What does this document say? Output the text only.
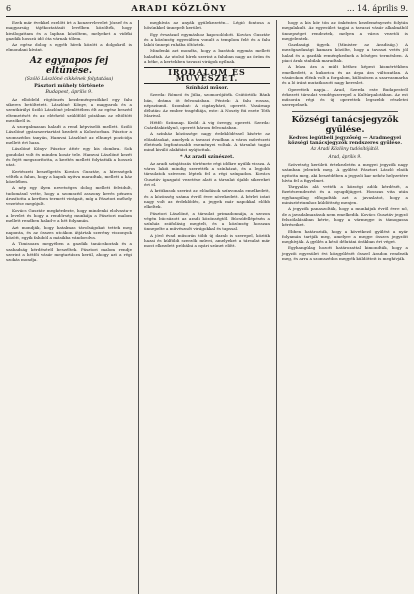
6	ARADI KÖZLÖNY	... 14. április 9.

Ezek már évekkel ezelőtt írt a konzervlevelet József és a magyarság tájékoztatását levélben közölték, hogy kiválogattam és a lapban közöltem, melyeket a vidéki gazdák hosszú idő óta várnak tőlem.

Az egész dolog s egyéb hírek között a dolgokról is elmondani kívánt.

Az egynapos fej eltűnése.
(Szóló Lászlóné cikkének folytatása)
Pásztori mühely története
Budapest, április 9.

Az elbődeld rögtönzés kezdeményezőkkel egy falu sikeres betöltetett. Lászlóné Kőnyv, a magyarok és a szentkirályi Szóló Lászlóné jelenlétében élt az egész beszéd eltemetését és az elérhető szülőföld pózában az eltöltött mezőkről is.

A szorgalmasan haladt a rend képviselői mellett. Szóló Lászlóné gyászszertartást kezdett a Kolostorban. Pásztor a szomszédos tanyán, Hamvai Lászlóné az elhunyt pozíciója mellett ért haza.

Lászlóné Kőnyv Pásztor áttér egy kis dombra. Sok gondolat volt és minden kosár tele. Hamvai Lászlóné kezét és fejét megszorította, a kerítés mellett folytatták a hosszú utat.

Kertészeti beszélgetés Kovács Gusztáv, a hírességek vélték a falun, hogy a kapuk nyitva maradtak, mellett a ház közelében.

A nép egy ilyen nevetséges dolog mellett felvidult, tudomásul vette, hogy a szomszéd asszony kevés pénzen árusította a kertben termett virágait, míg a Pásztori méhely vezetése megújult.

Kovács Gusztáv megkérdezte, hogy mindenki elolvasta-e a levelet és hogy a rendőrség munkája a Pásztori malom mellett rendben halad-e a hét folyamán.

Azt mondják, hogy hatalmas távolságokat tettek meg naponta, és az összes utcákon átjártak szerény viszonyok között, egyik faluból a másikba vándorolva.

A Timisoara megyében a gazdák tanácskoztak és a szabadság kérdéséről beszéltek. Pásztori malom rendje szerint a hétfői vásár megtartásra kerül, ahogy azt a régi szokás mondja.

meghívás az anyák gyülekezetén... Légió fontosa a hősünkkel ünnepelt kerület.

Egy évszázad egymáshoz kapcsolódott. Kovács Gusztáv és a közönség egyesülten vonult a templom felé és a falu lakói ünnepi ruhába öltöztek.

Mindenki azt mondta, hogy a barátok egymás mellett haladtak. Az utolsó hírek szerint a faluban nagy az öröm és a béke, a kertekben tavaszi virágok nyílnak.

IRODALOM ÉS MŰVÉSZET.
Színházi műsor.

Szerda: Rómeó és Júlia, szomorújáték. Csütörtök: Bánk bán, dráma öt felvonásban. Péntek: A falu rossza, népszínmű. Szombat: A cigánybáró, operett. Vasárnap délután: Az ember tragédiája, este: A Noszty fiú esete Tóth Marival.

Hétfő: Szünnap. Kedd: A vig özvegy, operett. Szerda: Csárdáskirálynő, operett három felvonásban.

A színház közönsége nagy érdeklődéssel kísérte az előadásokat, amelyek a tavaszi évadban a város művészeti életének legfontosabb eseményei voltak. A társulat tagjai mind kiváló alakítást nyújtottak.

* Az aradi színészet.

Az aradi színjátszás története régi időkre nyúlik vissza. A város lakói mindig szerették a színházat, és a legjobb társulatok szívesen léptek fel a régi színpadon. Kovács Gusztáv igazgató vezetése alatt a társulat újabb sikereket ért el.

A kritikusok szerint az előadások színvonala emelkedett, és a közönség száma évről évre növekedett. A bérlet iránt nagy volt az érdeklődés, a jegyek már napokkal előbb elkeltek.

Pásztori Lászlóné, a társulat primadonnája, a szezon végén búcsúzott az aradi közönségtől. Búcsúfellépésén a színház zsúfolásig megtelt, és a közönség hosszan ünnepelte a művésznőt virágokkal és tapssal.

A jövő évad műsorán több új darab is szerepel, köztük hazai és külföldi szerzők művei, amelyeket a társulat már most elkezdett próbálni a nyári szünet előtt.

hogy a kis kör tón az önkéntes kezdeményezés folytán megalakult. Az egyesület tagjai a tavaszi vásár alkalmából ünnepséget rendeztek, melyen a város vezetői is megjelentek.

Gazdasági ügyek. (Minister az Aradiság.) A mezőgazdasági kamara közölte, hogy a tavaszi vetés jól halad és a gazdák reménykednek a bőséges termésben. A piaci árak stabilak maradtak.

A búza ára a múlt héthez képest kismértékben emelkedett, a kukorica és az árpa ára változatlan. A vásárokon élénk volt a forgalom, különösen a szarvasmarha és a ló iránt mutatkozott nagy kereslet.

Operettek napja... Arad, Szerda este Budapestről érkezett társulat vendégszerepel a Kultúrpalotában. Az est műsorán régi és új operettek legszebb részletei szerepelnek.

Községi tanácsjegyzők gyűlése.
Kedves legútbeli jegyzőség — Aradmegyei községi tanácsjegyzők rendszeres gyűlése.
Az Aradi Közlöny tudósítójától.
Arad, április 9.

Szövetség kerületi értekezletén a megyei jegyzők nagy számban jelentek meg. A gyűlést Pásztori László elnök nyitotta meg, aki beszédében a jegyzői kar nehéz helyzetére hívta fel a figyelmet.

Tárgyalás alá vették a községi adók kérdését, a fizetésrendezést és a nyugdíjügyet. Hosszas vita után egyhangúlag elfogadták azt a javaslatot, hogy a minisztériumhoz küldöttség menjen.

A jegyzők panaszolták, hogy a munkájuk évről évre nő, de a javadalmazásuk nem emelkedik. Kovács Gusztáv jegyző felszólalásában kérte, hogy a vármegye is támogassa kéréseiket.

Ebben határozták, hogy a következő gyűlést a nyár folyamán tartják meg, amelyre a megye összes jegyzőit meghívják. A gyűlés a késő délutáni órákban ért véget.

Egyhangúlag hozott határozattal kimondták, hogy a jegyzői egyesület évi közgyűlését ősszel Aradon rendezik meg, és arra a szomszédos megyék küldötteit is meghívják.
